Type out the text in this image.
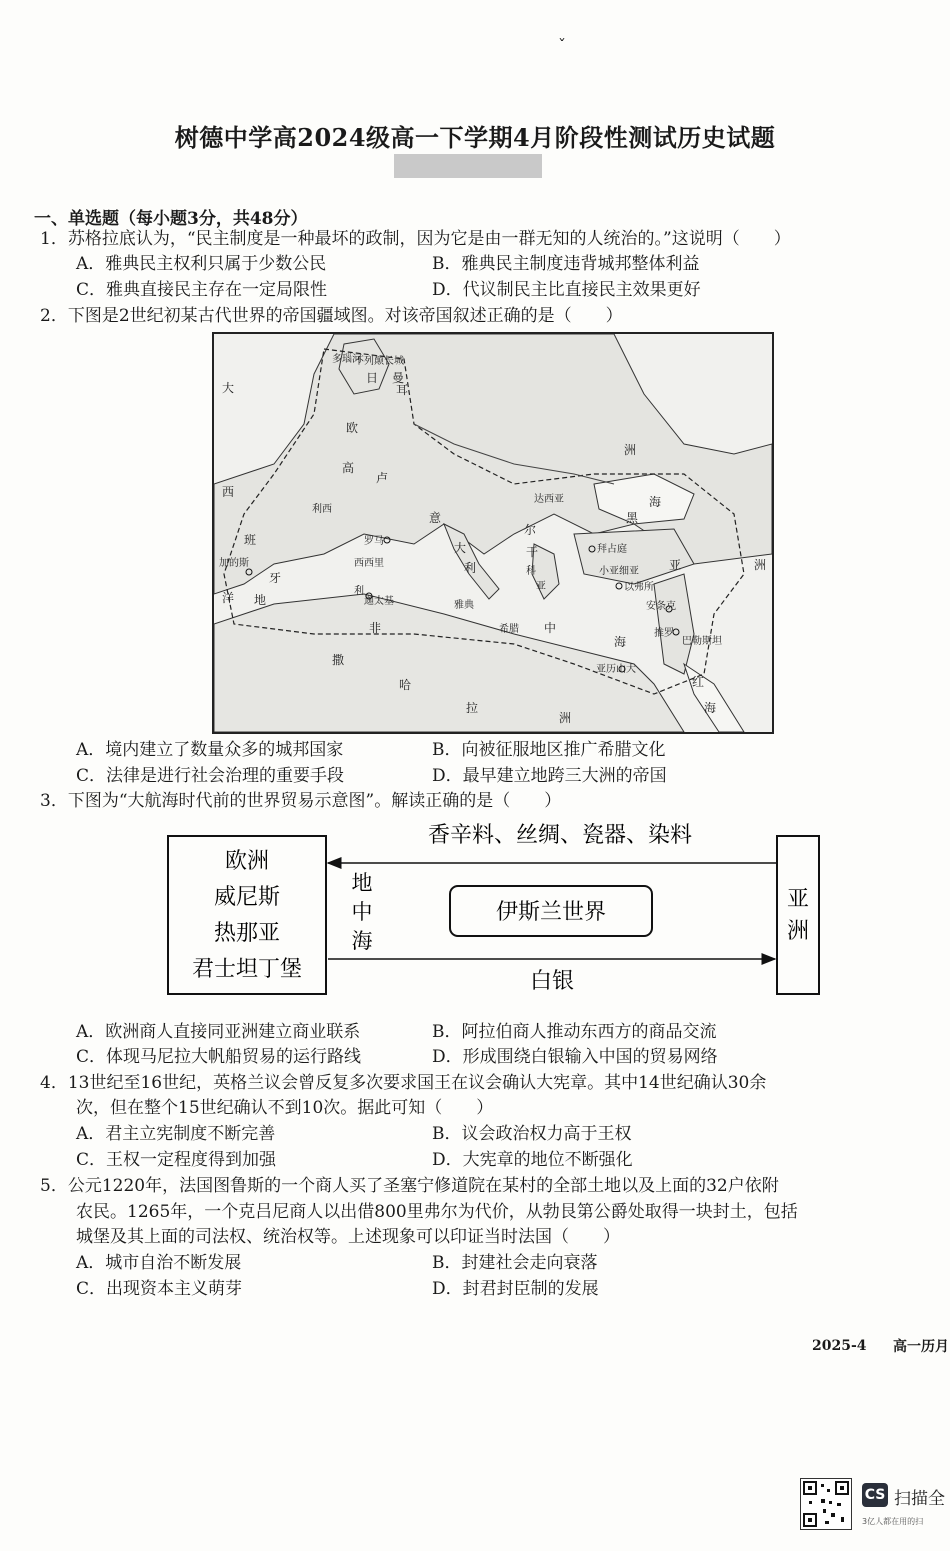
ˇ
树德中学高2024级高一下学期4月阶段性测试历史试题
一、单选题（每小题3分，共48分）
1．苏格拉底认为，“民主制度是一种最坏的政制，因为它是由一群无知的人统治的。”这说明（　　）
A．雅典民主权利只属于少数公民	B．雅典民主制度违背城邦整体利益
C．雅典直接民主存在一定局限性	D．代议制民主比直接民主效果更好
2．下图是2世纪初某古代世界的帝国疆域图。对该帝国叙述正确的是（　　）
大
西
洋
欧
高
卢
不列颠长城
日
耳
曼
意
大
利
罗马
利 西
班
牙
迦太基
非
洲
撒
哈
拉
达西亚
黑
海
拜占庭
小亚细亚
以弗所
安条克
推罗
巴勒斯坦
亚历山大
红
海
亚	洲
多瑙河
加的斯
地
中
海
希腊
洲
科
利	亚
尔
干
雅典
西西里
A．境内建立了数量众多的城邦国家	B．向被征服地区推广希腊文化
C．法律是进行社会治理的重要手段	D．最早建立地跨三大洲的帝国
3．下图为“大航海时代前的世界贸易示意图”。解读正确的是（　　）
欧洲
威尼斯
热那亚
君士坦丁堡
亚
洲
香辛料、丝绸、瓷器、染料
地
中
海
伊斯兰世界
白银
A．欧洲商人直接同亚洲建立商业联系	B．阿拉伯商人推动东西方的商品交流
C．体现马尼拉大帆船贸易的运行路线	D．形成围绕白银输入中国的贸易网络
4．13世纪至16世纪，英格兰议会曾反复多次要求国王在议会确认大宪章。其中14世纪确认30余
次，但在整个15世纪确认不到10次。据此可知（　　）
A．君主立宪制度不断完善	B．议会政治权力高于王权
C．王权一定程度得到加强	D．大宪章的地位不断强化
5．公元1220年，法国图鲁斯的一个商人买了圣塞宁修道院在某村的全部土地以及上面的32户依附
农民。1265年，一个克吕尼商人以出借800里弗尔为代价，从勃艮第公爵处取得一块封土，包括
城堡及其上面的司法权、统治权等。上述现象可以印证当时法国（　　）
A．城市自治不断发展	B．封建社会走向衰落
C．出现资本主义萌芽	D．封君封臣制的发展
2025-4 高一历月
CS 扫描全
3亿人都在用的扫
